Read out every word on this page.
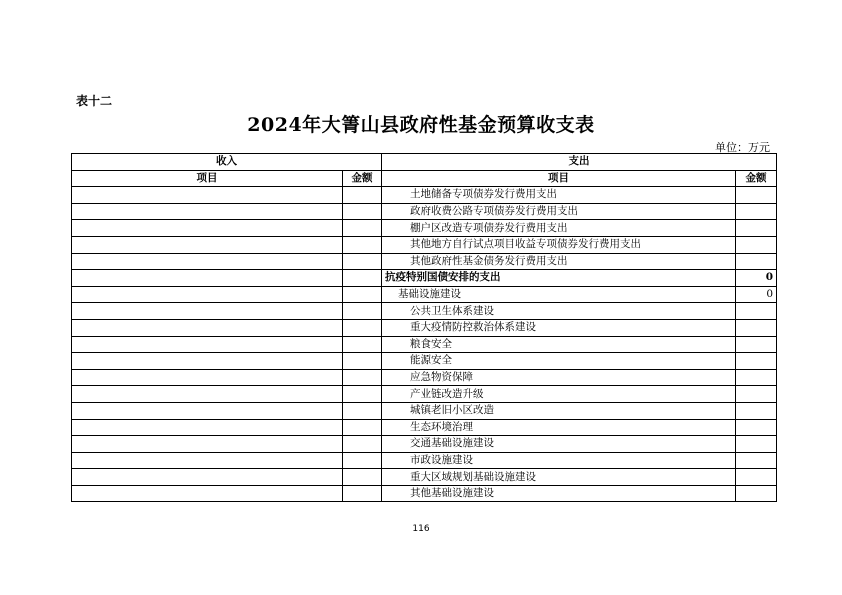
表十二
2024年大箐山县政府性基金预算收支表
单位：万元
收入		支出	
项目	金额	项目	金额
		土地储备专项债券发行费用支出	
		政府收费公路专项债券发行费用支出	
		棚户区改造专项债券发行费用支出	
		其他地方自行试点项目收益专项债券发行费用支出	
		其他政府性基金债务发行费用支出	
		抗疫特别国债安排的支出	0
		基础设施建设	0
		公共卫生体系建设	
		重大疫情防控救治体系建设	
		粮食安全	
		能源安全	
		应急物资保障	
		产业链改造升级	
		城镇老旧小区改造	
		生态环境治理	
		交通基础设施建设	
		市政设施建设	
		重大区域规划基础设施建设	
		其他基础设施建设	
116
